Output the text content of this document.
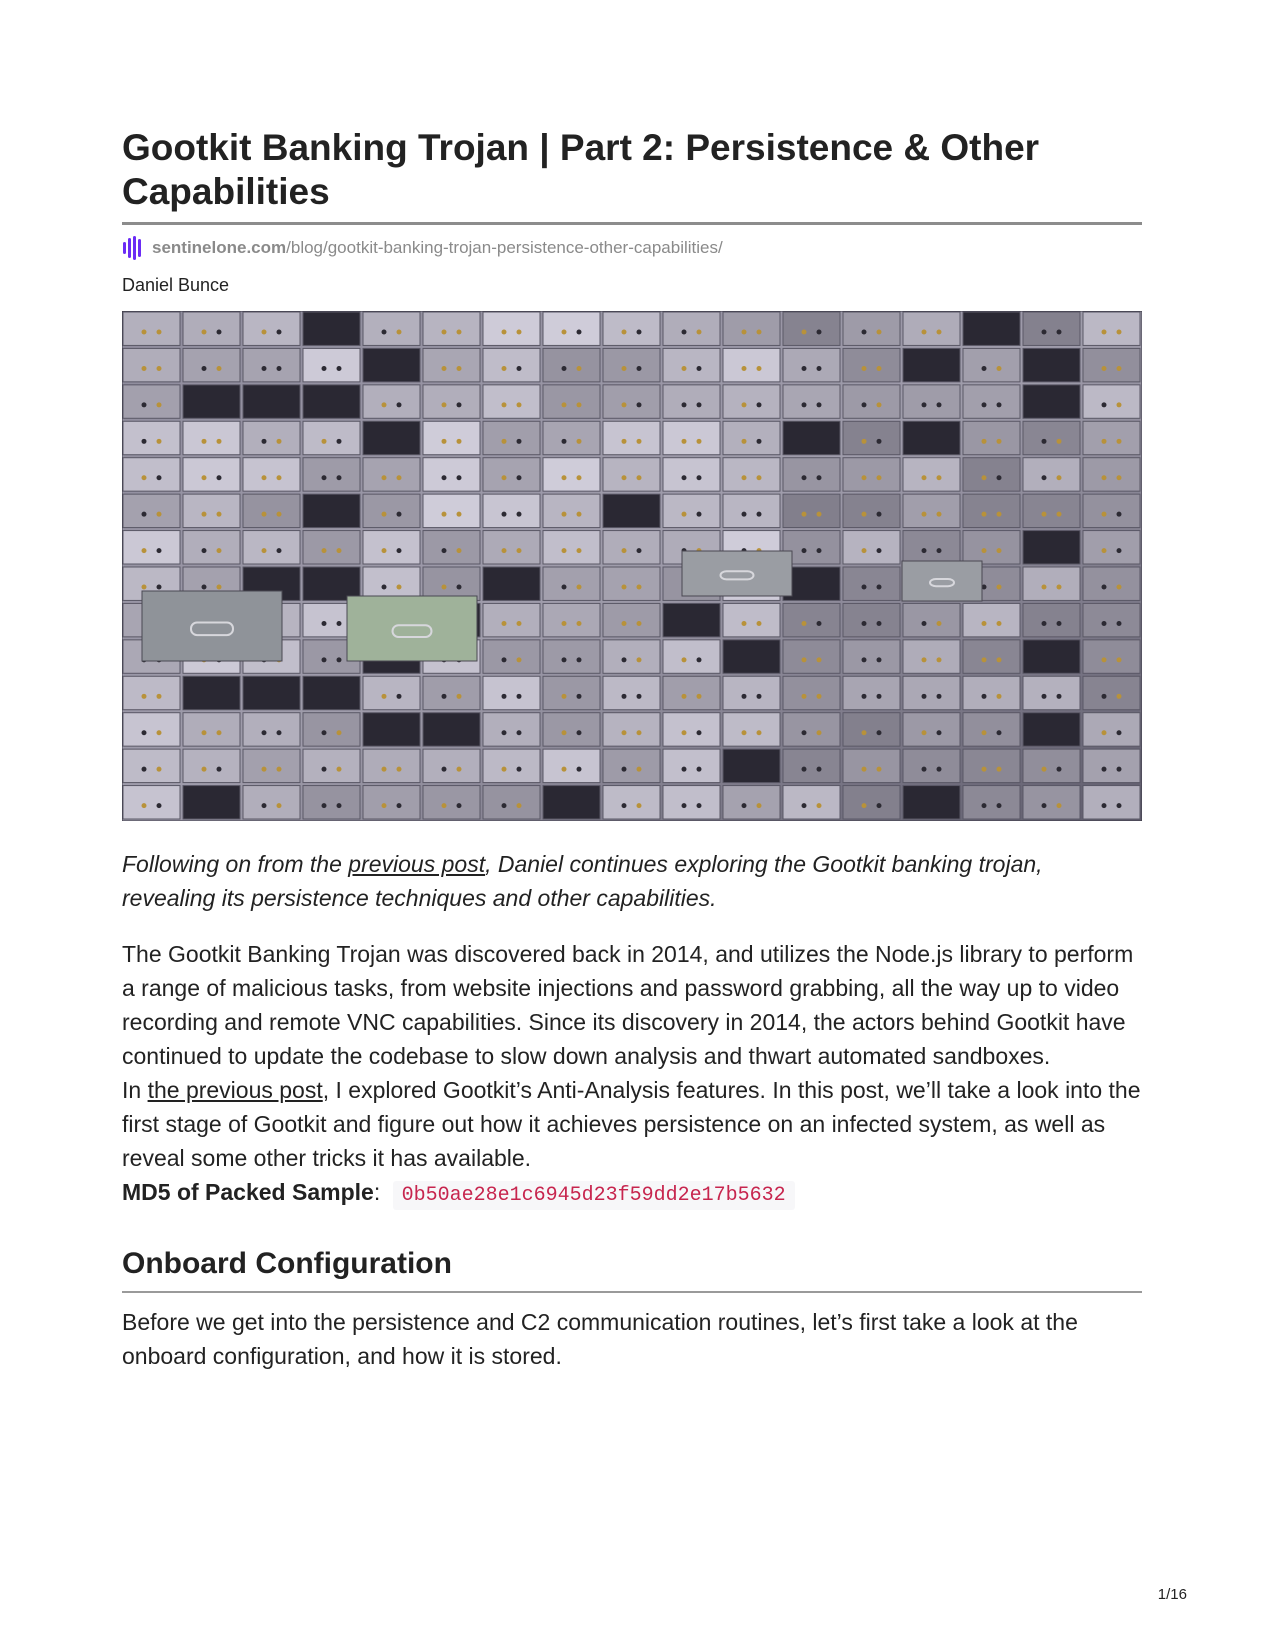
Gootkit Banking Trojan | Part 2: Persistence & Other Capabilities
sentinelone.com/blog/gootkit-banking-trojan-persistence-other-capabilities/
Daniel Bunce
Following on from the previous post, Daniel continues exploring the Gootkit banking trojan, revealing its persistence techniques and other capabilities.
The Gootkit Banking Trojan was discovered back in 2014, and utilizes the Node.js library to perform a range of malicious tasks, from website injections and password grabbing, all the way up to video recording and remote VNC capabilities. Since its discovery in 2014, the actors behind Gootkit have continued to update the codebase to slow down analysis and thwart automated sandboxes.
In the previous post, I explored Gootkit’s Anti-Analysis features. In this post, we’ll take a look into the first stage of Gootkit and figure out how it achieves persistence on an infected system, as well as reveal some other tricks it has available.
MD5 of Packed Sample: 0b50ae28e1c6945d23f59dd2e17b5632
Onboard Configuration
Before we get into the persistence and C2 communication routines, let’s first take a look at the onboard configuration, and how it is stored.
1/16
